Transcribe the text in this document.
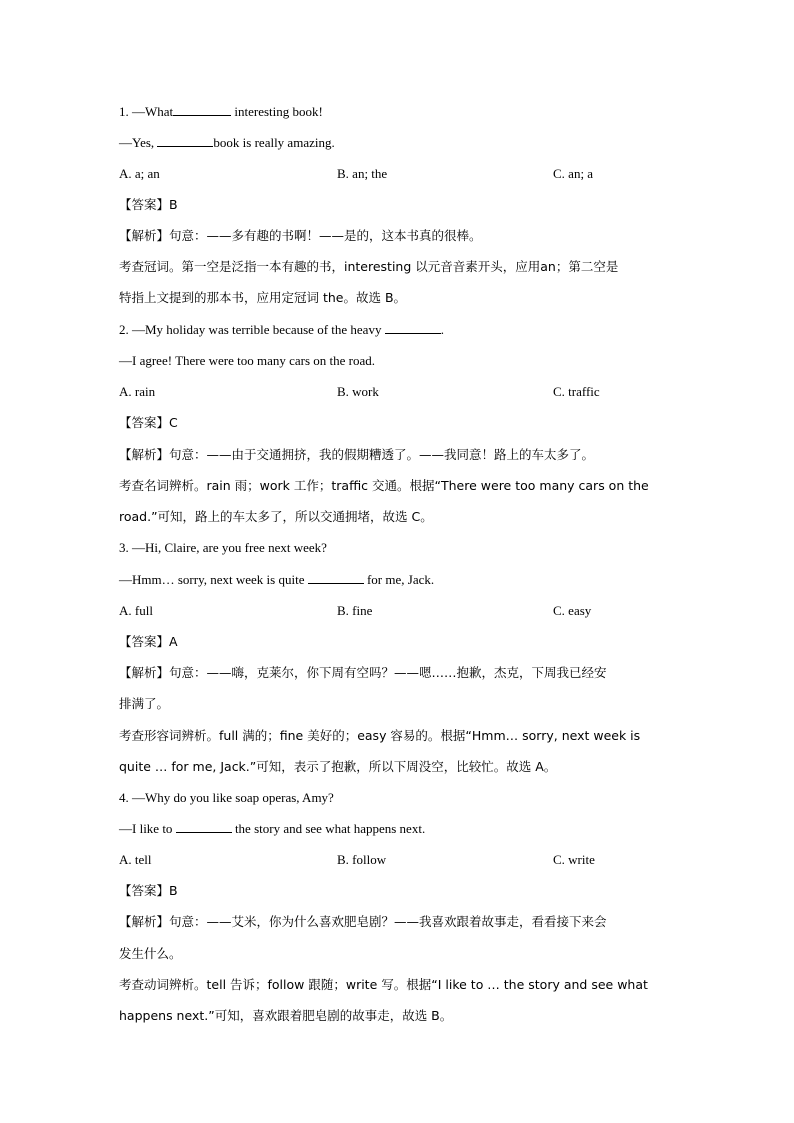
1. —What	interesting book!
—Yes,	book is really amazing.
A. a; an	B. an; the	C. an; a
【答案】B
【解析】句意：——多有趣的书啊！——是的，这本书真的很棒。
考查冠词。第一空是泛指一本有趣的书，interesting 以元音音素开头，应用an；第二空是
特指上文提到的那本书，应用定冠词 the。故选 B。
2. —My holiday was terrible because of the heavy	.
—I agree! There were too many cars on the road.
A. rain	B. work	C. traffic
【答案】C
【解析】句意：——由于交通拥挤，我的假期糟透了。——我同意！路上的车太多了。
考查名词辨析。rain 雨；work 工作；traffic 交通。根据“There were too many cars on the
road.”可知，路上的车太多了，所以交通拥堵，故选 C。
3. —Hi, Claire, are you free next week?
—Hmm… sorry, next week is quite	for me, Jack.
A. full	B. fine	C. easy
【答案】A
【解析】句意：——嗨，克莱尔，你下周有空吗？——嗯……抱歉，杰克，下周我已经安
排满了。
考查形容词辨析。full 满的；fine 美好的；easy 容易的。根据“Hmm… sorry, next week is
quite … for me, Jack.”可知，表示了抱歉，所以下周没空，比较忙。故选 A。
4. —Why do you like soap operas, Amy?
—I like to	the story and see what happens next.
A. tell	B. follow	C. write
【答案】B
【解析】句意：——艾米，你为什么喜欢肥皂剧？——我喜欢跟着故事走，看看接下来会
发生什么。
考查动词辨析。tell 告诉；follow 跟随；write 写。根据“I like to … the story and see what
happens next.”可知，喜欢跟着肥皂剧的故事走，故选 B。
